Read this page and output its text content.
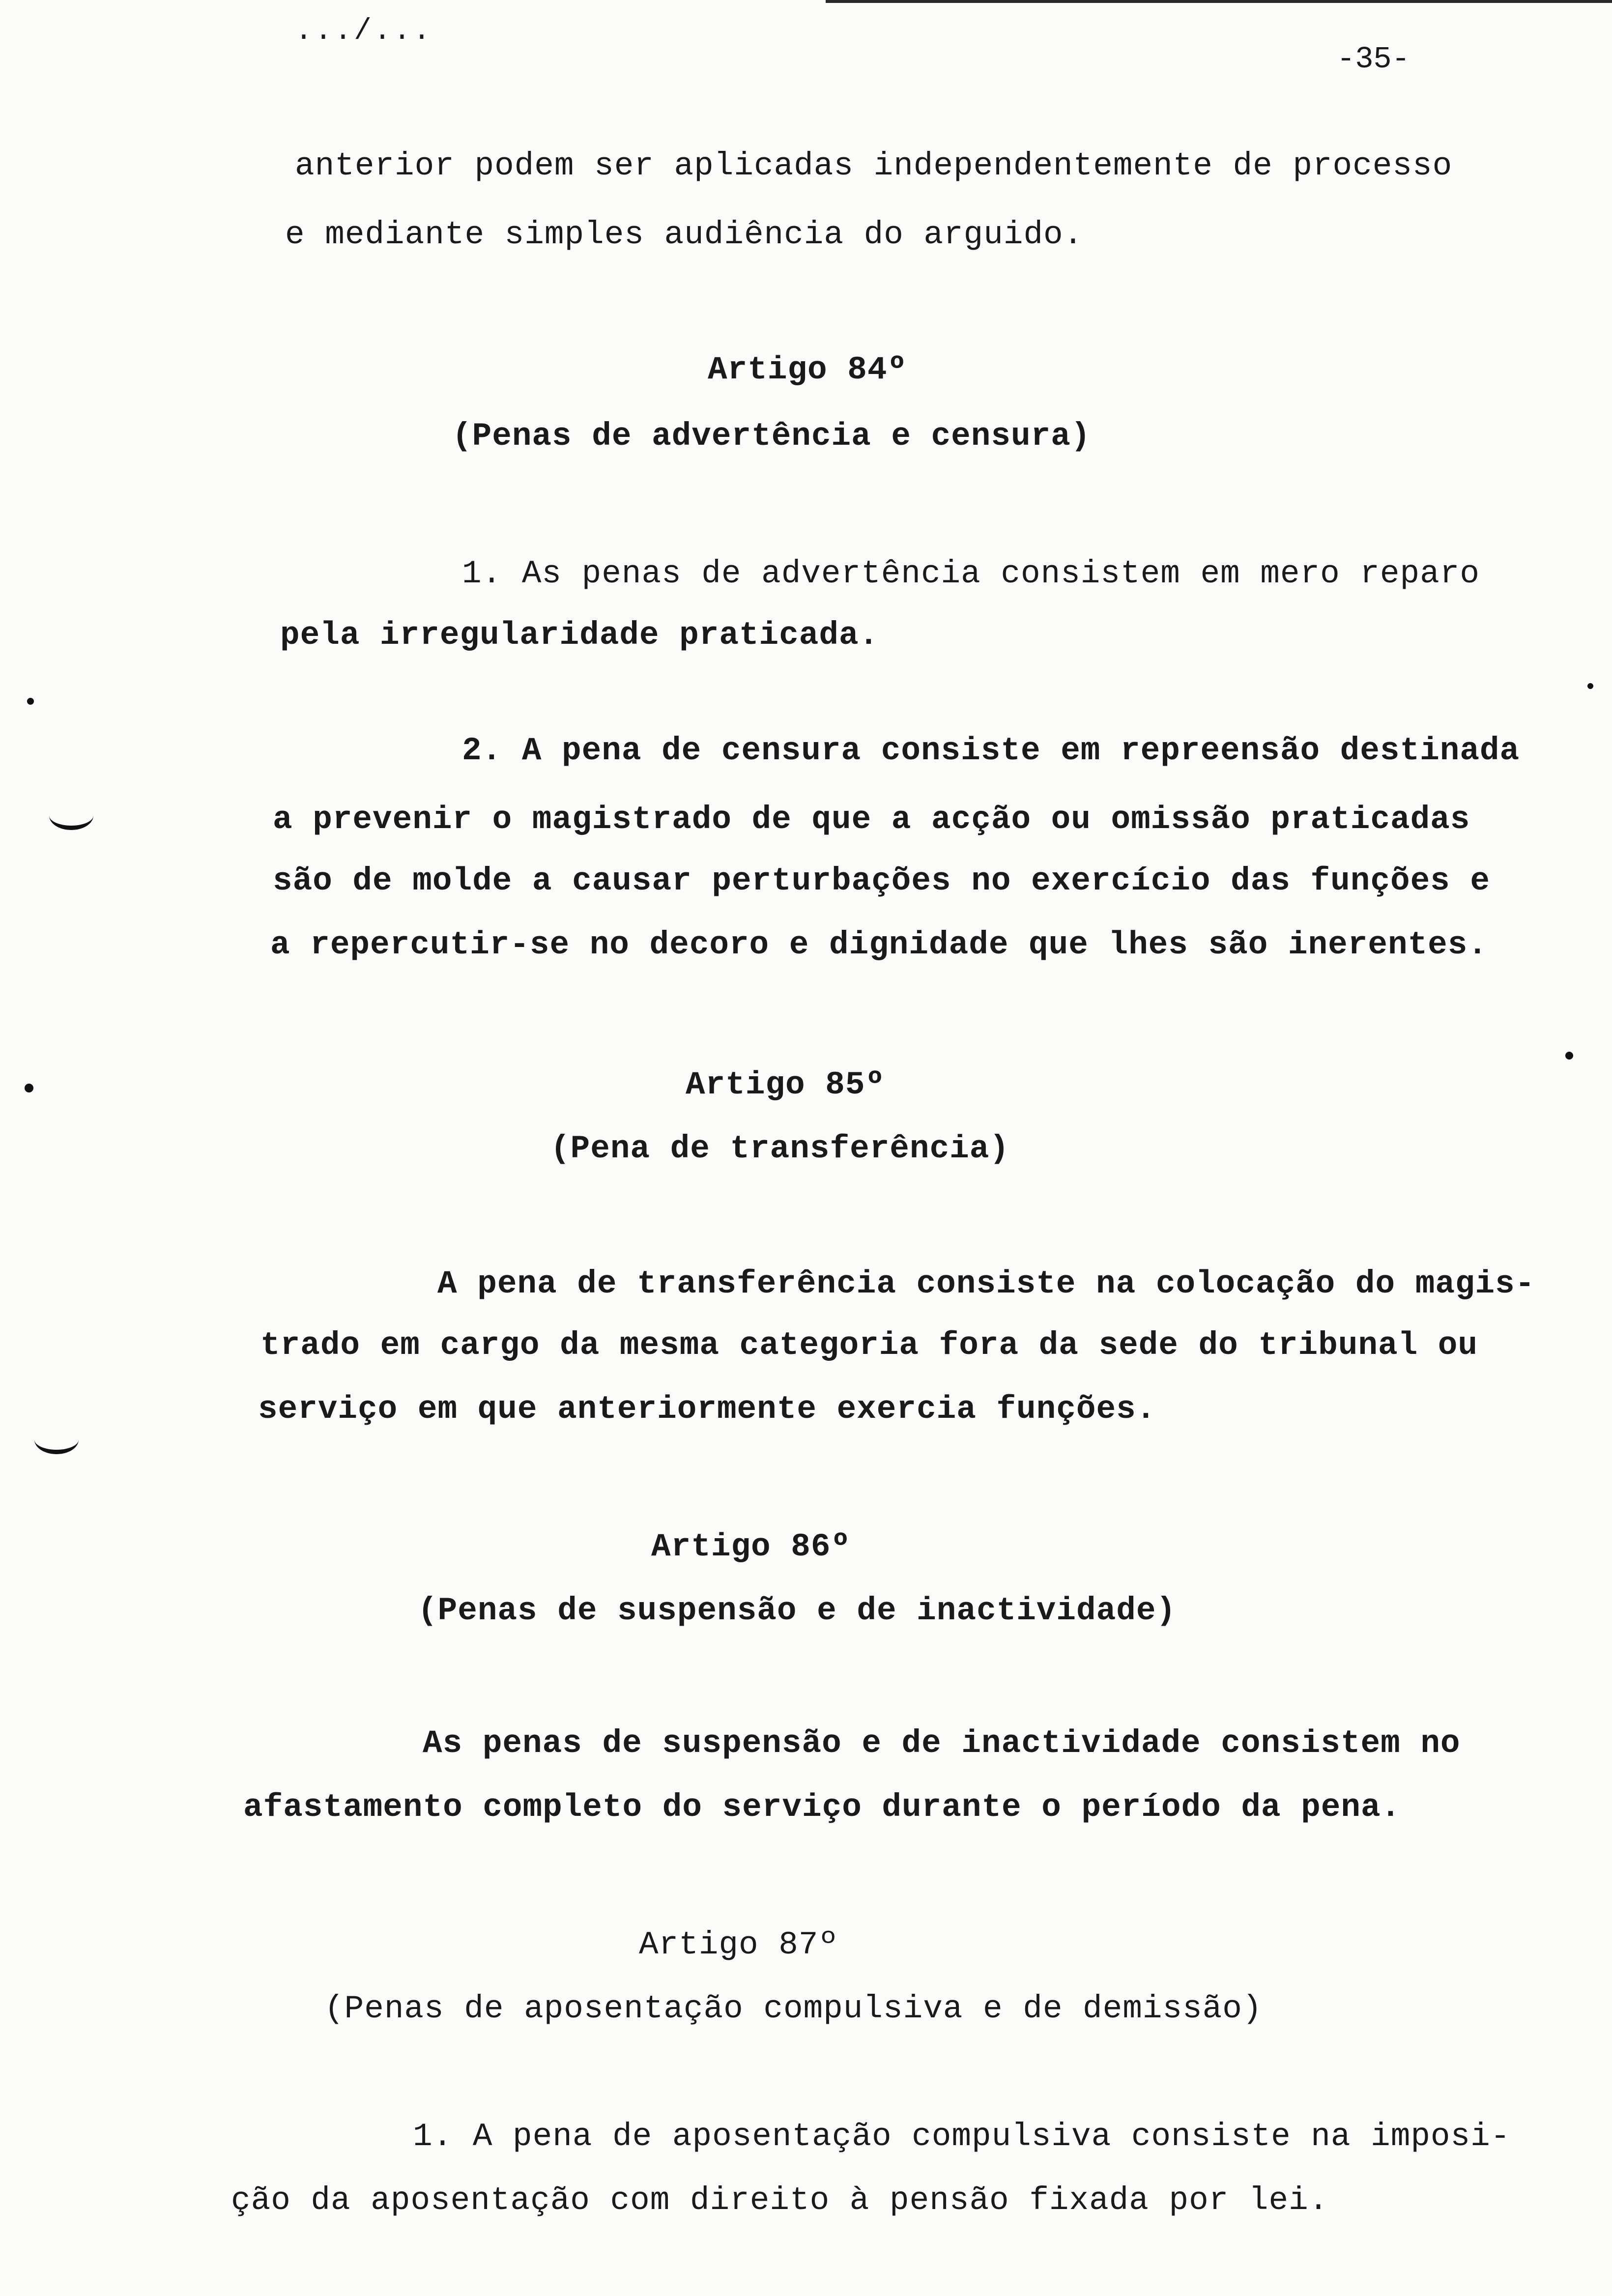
.../...
-35-
anterior podem ser aplicadas independentemente de processo
e mediante simples audiência do arguido.
Artigo 84º
(Penas de advertência e censura)
1. As penas de advertência consistem em mero reparo
pela irregularidade praticada.
2. A pena de censura consiste em repreensão destinada
a prevenir o magistrado de que a acção ou omissão praticadas
são de molde a causar perturbações no exercício das funções e
a repercutir-se no decoro e dignidade que lhes são inerentes.
Artigo 85º
(Pena de transferência)
A pena de transferência consiste na colocação do magis-
trado em cargo da mesma categoria fora da sede do tribunal ou
serviço em que anteriormente exercia funções.
Artigo 86º
(Penas de suspensão e de inactividade)
As penas de suspensão e de inactividade consistem no
afastamento completo do serviço durante o período da pena.
Artigo 87º
(Penas de aposentação compulsiva e de demissão)
1. A pena de aposentação compulsiva consiste na imposi-
ção da aposentação com direito à pensão fixada por lei.
